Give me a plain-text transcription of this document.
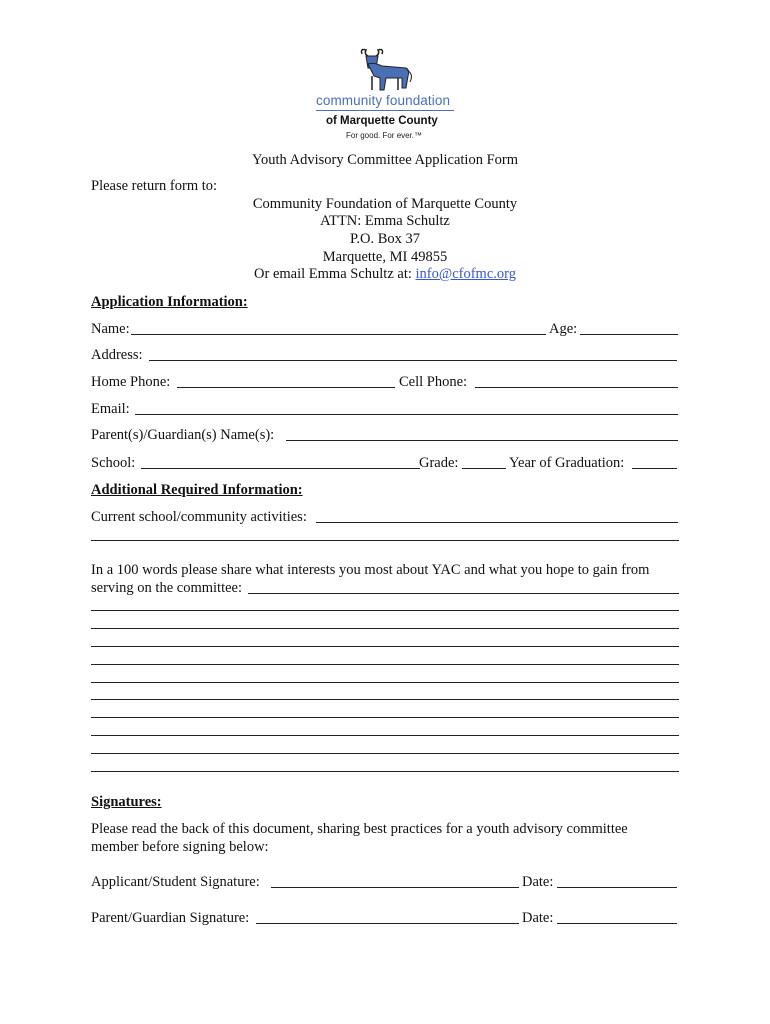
community foundation
of Marquette County
For good. For ever.™
Youth Advisory Committee Application Form
Please return form to:
Community Foundation of Marquette County
ATTN: Emma Schultz
P.O. Box 37
Marquette, MI 49855
Or email Emma Schultz at: info@cfofmc.org
Application Information:
Name:	Age:
Address:
Home Phone:	Cell Phone:
Email:
Parent(s)/Guardian(s) Name(s):
School:	Grade:	Year of Graduation:
Additional Required Information:
Current school/community activities:
In a 100 words please share what interests you most about YAC and what you hope to gain from
serving on the committee:
Signatures:
Please read the back of this document, sharing best practices for a youth advisory committee
member before signing below:
Applicant/Student Signature:	Date:
Parent/Guardian Signature:	Date:
